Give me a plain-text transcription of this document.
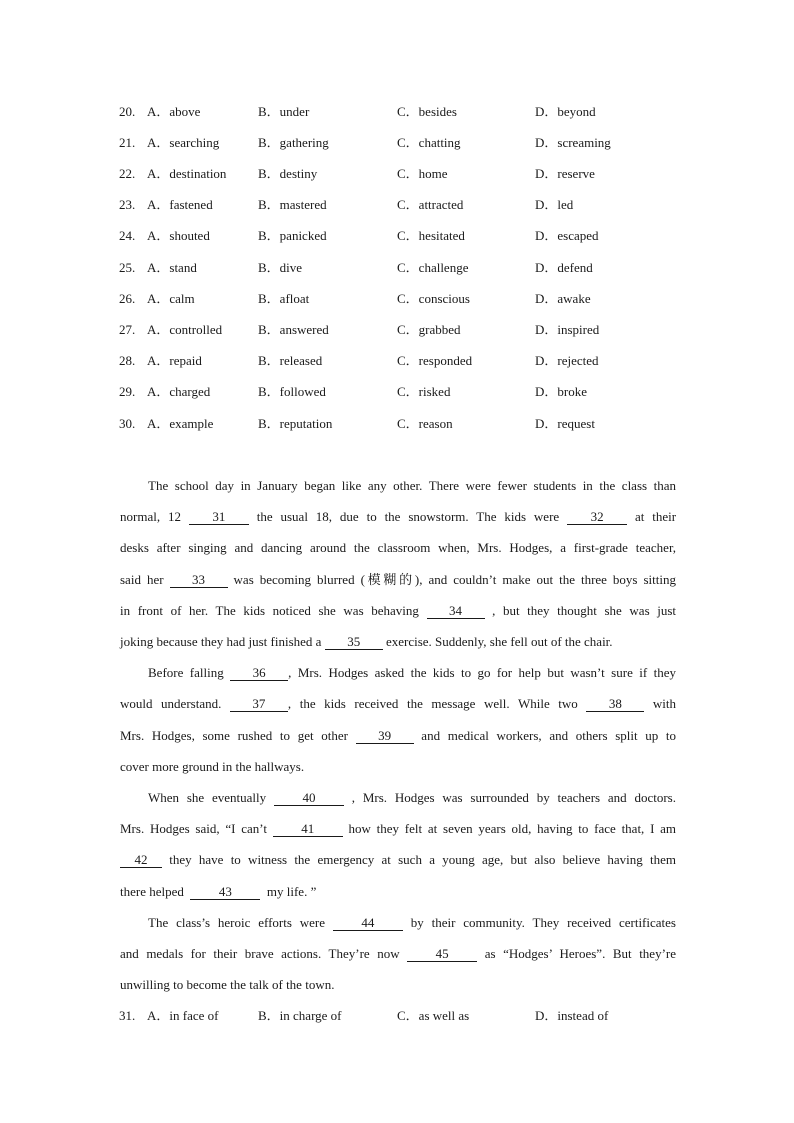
20. A．above	B．under	C．besides	D．beyond
21. A．searching	B．gathering	C．chatting	D．screaming
22. A．destination B．destiny	C．home	D．reserve
23. A．fastened	B．mastered	C．attracted	D．led
24. A．shouted	B．panicked	C．hesitated	D．escaped
25. A．stand	B．dive	C．challenge	D．defend
26. A．calm	B．afloat	C．conscious	D．awake
27. A．controlled	B．answered	C．grabbed	D．inspired
28. A．repaid	B．released	C．responded	D．rejected
29. A．charged	B．followed	C．risked	D．broke
30. A．example	B．reputation	C．reason	D．request
The school day in January began like any other. There were fewer students in the class than
normal, 12 31 the usual 18, due to the snowstorm. The kids were 32 at their
desks after singing and dancing around the classroom when, Mrs. Hodges, a first-grade teacher,
said her 33 was becoming blurred (模糊的), and couldn’t make out the three boys sitting
in front of her. The kids noticed she was behaving 34 , but they thought she was just
joking because they had just finished a 35 exercise. Suddenly, she fell out of the chair.
Before falling 36 , Mrs. Hodges asked the kids to go for help but wasn’t sure if they
would understand. 37 , the kids received the message well. While two 38 with
Mrs. Hodges, some rushed to get other 39 and medical workers, and others split up to
cover more ground in the hallways.
When she eventually	40	, Mrs. Hodges was surrounded by teachers and doctors.
Mrs. Hodges said, “I can’t	41	how they felt at seven years old, having to face that, I am
42 they have to witness the emergency at such a young age, but also believe having them
there helped	43	my life. ”
The class’s heroic efforts were	44	by their community. They received certificates
and medals for their brave actions. They’re now	45	as “Hodges’ Heroes”. But they’re
unwilling to become the talk of the town.
31. A．in face of	B．in charge of	C．as well as	D．instead of
